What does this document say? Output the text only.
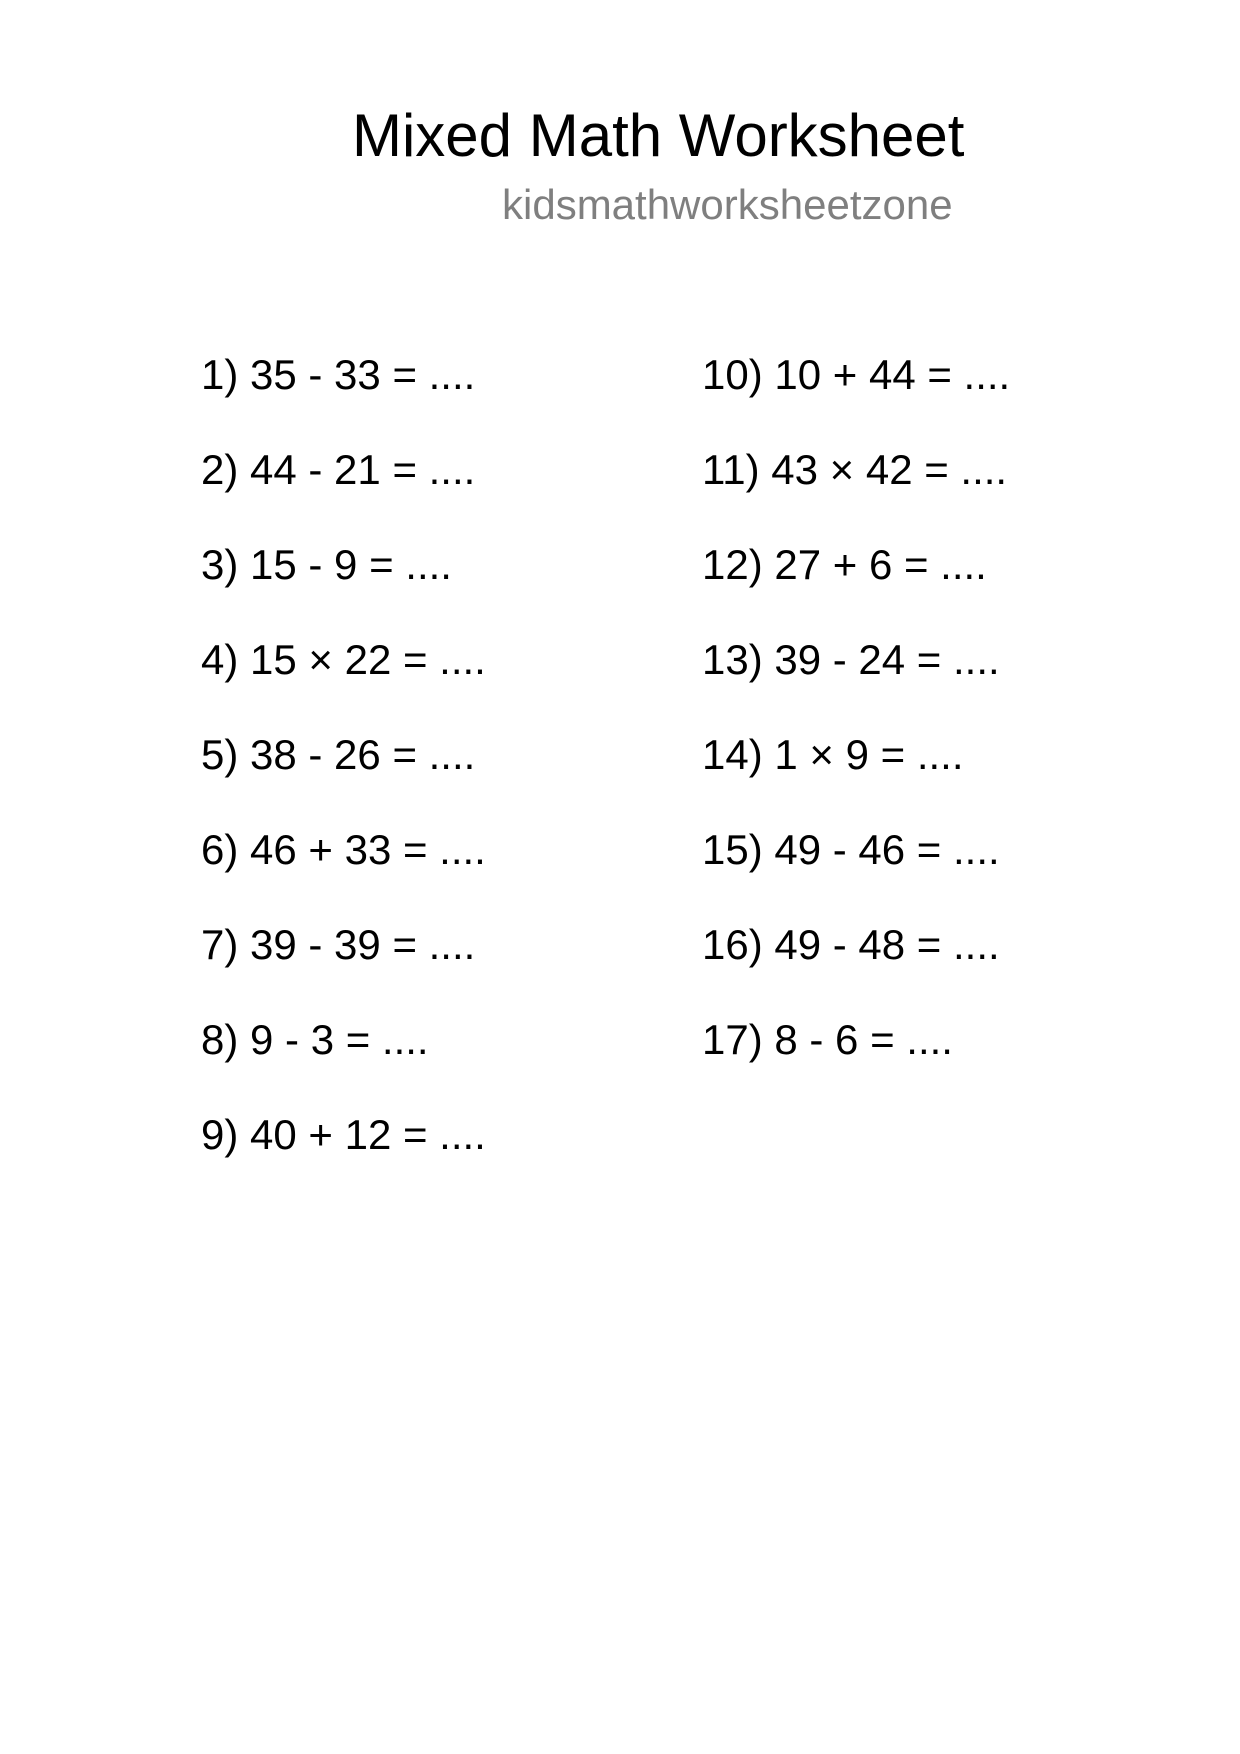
Mixed Math Worksheet
kidsmathworksheetzone
1) 35 - 33 = ....
2) 44 - 21 = ....
3) 15 - 9 = ....
4) 15 × 22 = ....
5) 38 - 26 = ....
6) 46 + 33 = ....
7) 39 - 39 = ....
8) 9 - 3 = ....
9) 40 + 12 = ....
10) 10 + 44 = ....
11) 43 × 42 = ....
12) 27 + 6 = ....
13) 39 - 24 = ....
14) 1 × 9 = ....
15) 49 - 46 = ....
16) 49 - 48 = ....
17) 8 - 6 = ....
